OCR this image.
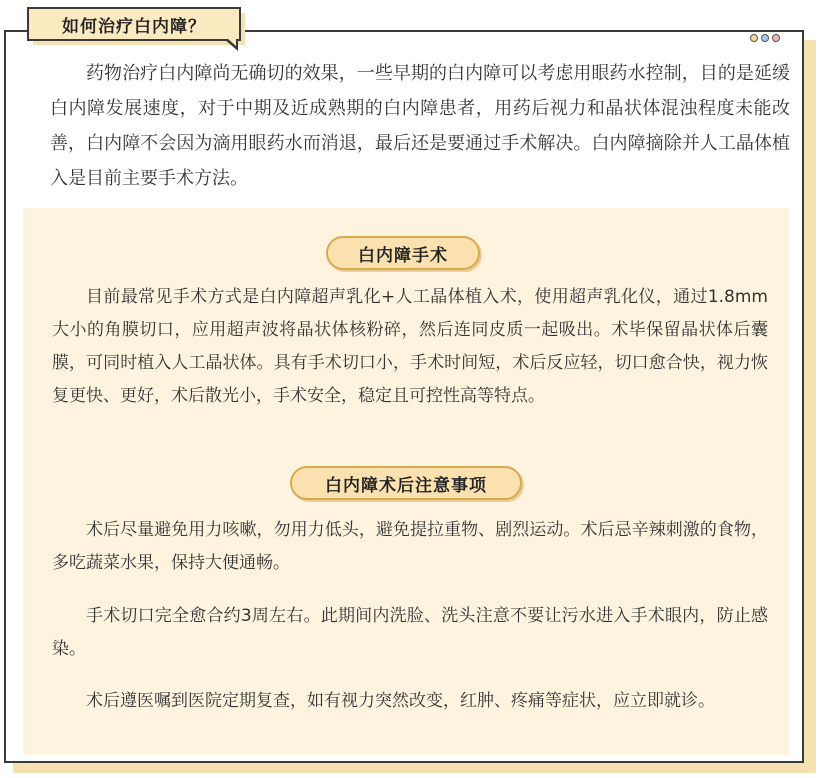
如何治疗白内障？
药物治疗白内障尚无确切的效果，一些早期的白内障可以考虑用眼药水控制，目的是延缓白内障发展速度，对于中期及近成熟期的白内障患者，用药后视力和晶状体混浊程度未能改善，白内障不会因为滴用眼药水而消退，最后还是要通过手术解决。白内障摘除并人工晶体植入是目前主要手术方法。
白内障手术
目前最常见手术方式是白内障超声乳化+人工晶体植入术，使用超声乳化仪，通过1.8mm大小的角膜切口，应用超声波将晶状体核粉碎，然后连同皮质一起吸出。术毕保留晶状体后囊膜，可同时植入人工晶状体。具有手术切口小，手术时间短，术后反应轻，切口愈合快，视力恢复更快、更好，术后散光小，手术安全，稳定且可控性高等特点。
白内障术后注意事项
术后尽量避免用力咳嗽，勿用力低头，避免提拉重物、剧烈运动。术后忌辛辣刺激的食物，多吃蔬菜水果，保持大便通畅。
手术切口完全愈合约3周左右。此期间内洗脸、洗头注意不要让污水进入手术眼内，防止感染。
术后遵医嘱到医院定期复查，如有视力突然改变，红肿、疼痛等症状，应立即就诊。
